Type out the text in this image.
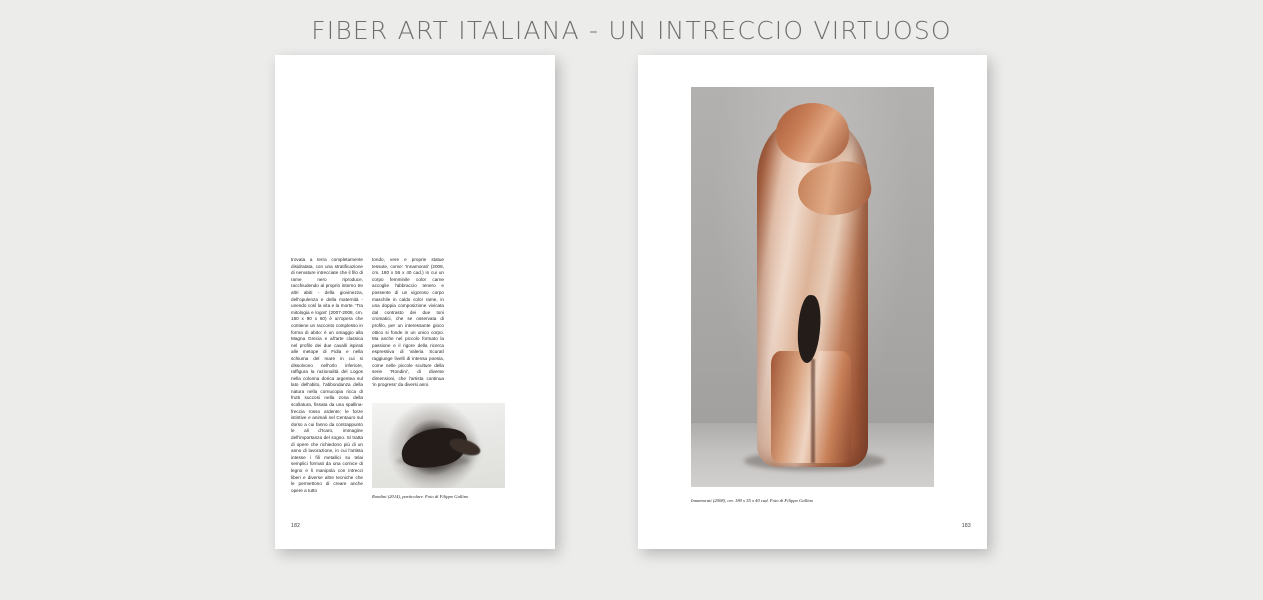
FIBER ART ITALIANA - UN INTRECCIO VIRTUOSO

trovata a terra completamente disidratata, con una stratificazione di nervature intrecciate che il filo di rame nero riproduce, racchiudendo al proprio interno tre altri abiti - della giovinezza, dell'opulenza e della maternità - unendo così la vita e la morte. 'Tra mitologia e logos' (2007-2008, cm. 160 x 90 x 60) è un'opera che contiene un racconto complesso in forma di abito: è un omaggio alla Magna Grecia e all'arte classica nel profilo dei due cavalli ispirati alle metope di Fidia e nella schiuma del mare in cui si dissolvono nell'orlo inferiore, raffigura la razionalità del Logos nella colonna dorica argentea sul lato dell'abito, l'abbondanza della natura nella cornucopia ricca di frutti succosi nella zona della scollatura, fissata da una spallina-freccia rosso ardente; le forze istintive e animali nel Centauro sul dorso a cui fanno da contrappunto le ali d'Icaro, immagine dell'importanza del sogno. Si tratta di opere che richiedono più di un anno di lavorazione, in cui l'artista intesse i fili metallici su telai semplici formati da una cornice di legno e li manipola con intrecci liberi e diverse altre tecniche che le permettono di creare anche opere a tutto

tondo, vere e proprie statue tessute, come: 'Innamorati' (2008, cm. 180 x 55 x 40 cad.) in cui un corpo femminile color carne accoglie l'abbraccio tenero e possente di un vigoroso corpo maschile in caldo color rame, in una doppia composizione vivicata dal contrasto dei due toni cromatici, che se osservata di profilo, per un interessante gioco ottico si fonde in un unico corpo. Ma anche nel piccolo formato la passione e il rigore della ricerca espressiva di Valeria Scuratì raggiunge livelli di intensa poesia, come nelle piccole sculture della serie 'Rondini', di diverse dimensioni, che l'artista continua 'in progress' da diversi anni.

Rondini (2014), particolare. Foto di Filippo Gallino
182
Innamorati (2008), cm. 180 x 55 x 40 cad. Foto di Filippo Gallino
183
